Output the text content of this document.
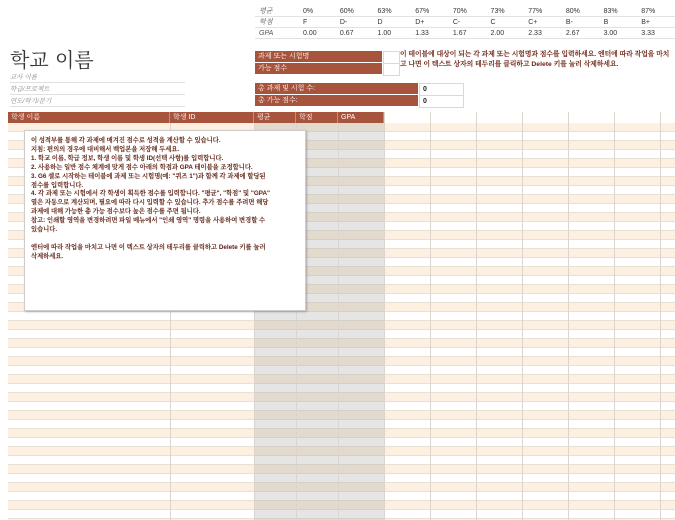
평균	0%	60%	63%	67%	70%	73%	77%	80%	83%	87%
학점	F	D-	D	D+	C-	C	C+	B-	B	B+
GPA	0.00	0.67	1.00	1.33	1.67	2.00	2.33	2.67	3.00	3.33
학교 이름
교사 이름
학급/프로젝트
연도/학기/분기
과제 또는 시험명
가능 점수
이 테이블에 대상이 되는 각 과제 또는 시험명과 점수를 입력하세요. 엔터에 따라 작업을 마치고 나면 이 텍스트 상자의 테두리를 클릭하고 Delete 키를 눌러 삭제하세요.
총 과제 및 시험 수:	0
총 가능 점수:	0
학생 이름	학생 ID	평균	학점	GPA
이 성적부를 통해 각 과제에 매겨진 점수로 성적을 계산할 수 있습니다.
지침: 편의의 경우에 대비해서 백업본을 저장해 두세요.
1. 학교 이름, 학급 정보, 학생 이름 및 학생 ID(선택 사항)를 입력합니다.
2. 사용하는 일반 점수 체계에 맞게 점수 아래의 학점과 GPA 테이블을 조정합니다.
3. G6 셀로 시작하는 테이블에 과제 또는 시험명(예: "퀴즈 1")과 함께 각 과제에 할당된
점수를 입력합니다.
4. 각 과제 또는 시험에서 각 학생이 획득한 점수를 입력합니다. "평균", "학점" 및 "GPA"
열은 자동으로 계산되며, 필요에 따라 다시 입력할 수 있습니다. 추가 점수를 주려면 해당
과제에 대해 가능한 총 가능 점수보다 높은 점수를 주면 됩니다.
참고: 인쇄할 영역을 변경하려면 파일 메뉴에서 "인쇄 영역" 명령을 사용하여 변경할 수
있습니다.
엔터에 따라 작업을 마치고 나면 이 텍스트 상자의 테두리를 클릭하고 Delete 키를 눌러
삭제하세요.
